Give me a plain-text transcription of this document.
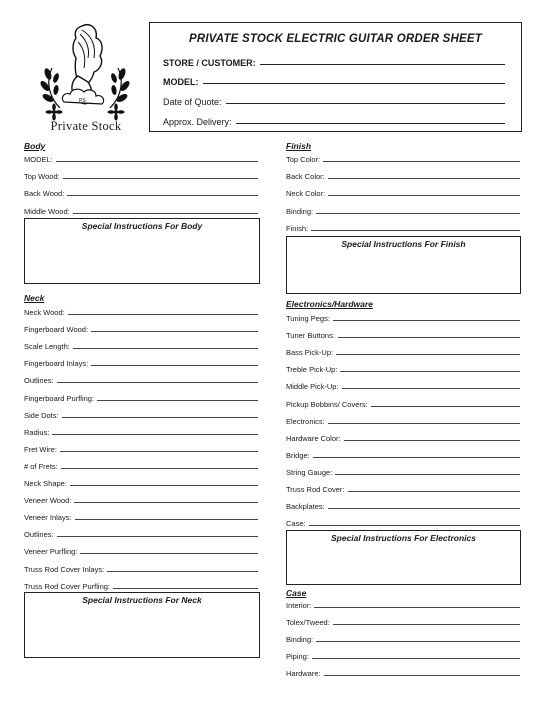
PS
Private Stock
PRIVATE STOCK ELECTRIC GUITAR ORDER SHEET
STORE / CUSTOMER:
MODEL:
Date of Quote:
Approx. Delivery:
Body
Neck
Finish
Electronics/Hardware
Case
Special Instructions For Body
Special Instructions For Finish
Special Instructions For Neck
Special Instructions For Electronics
MODEL:
Top Wood:
Back Wood:
Middle Wood:
Neck Wood:
Fingerboard Wood:
Scale Length:
Fingerboard Inlays:
Outlines:
Fingerboard Purfling:
Side Dots:
Radius:
Fret Wire:
# of Frets:
Neck Shape:
Veneer Wood:
Veneer Inlays:
Outlines:
Veneer Purfling:
Truss Rod Cover Inlays:
Truss Rod Cover Purfling:
Top Color:
Back Color:
Neck Color:
Binding:
Finish:
Tuning Pegs:
Tuner Buttons:
Bass Pick-Up:
Treble Pick-Up:
Middle Pick-Up:
Pickup Bobbins/ Covers:
Electronics:
Hardware Color:
Bridge:
String Gauge:
Truss Rod Cover:
Backplates:
Case:
Interior:
Tolex/Tweed:
Binding:
Piping:
Hardware:
